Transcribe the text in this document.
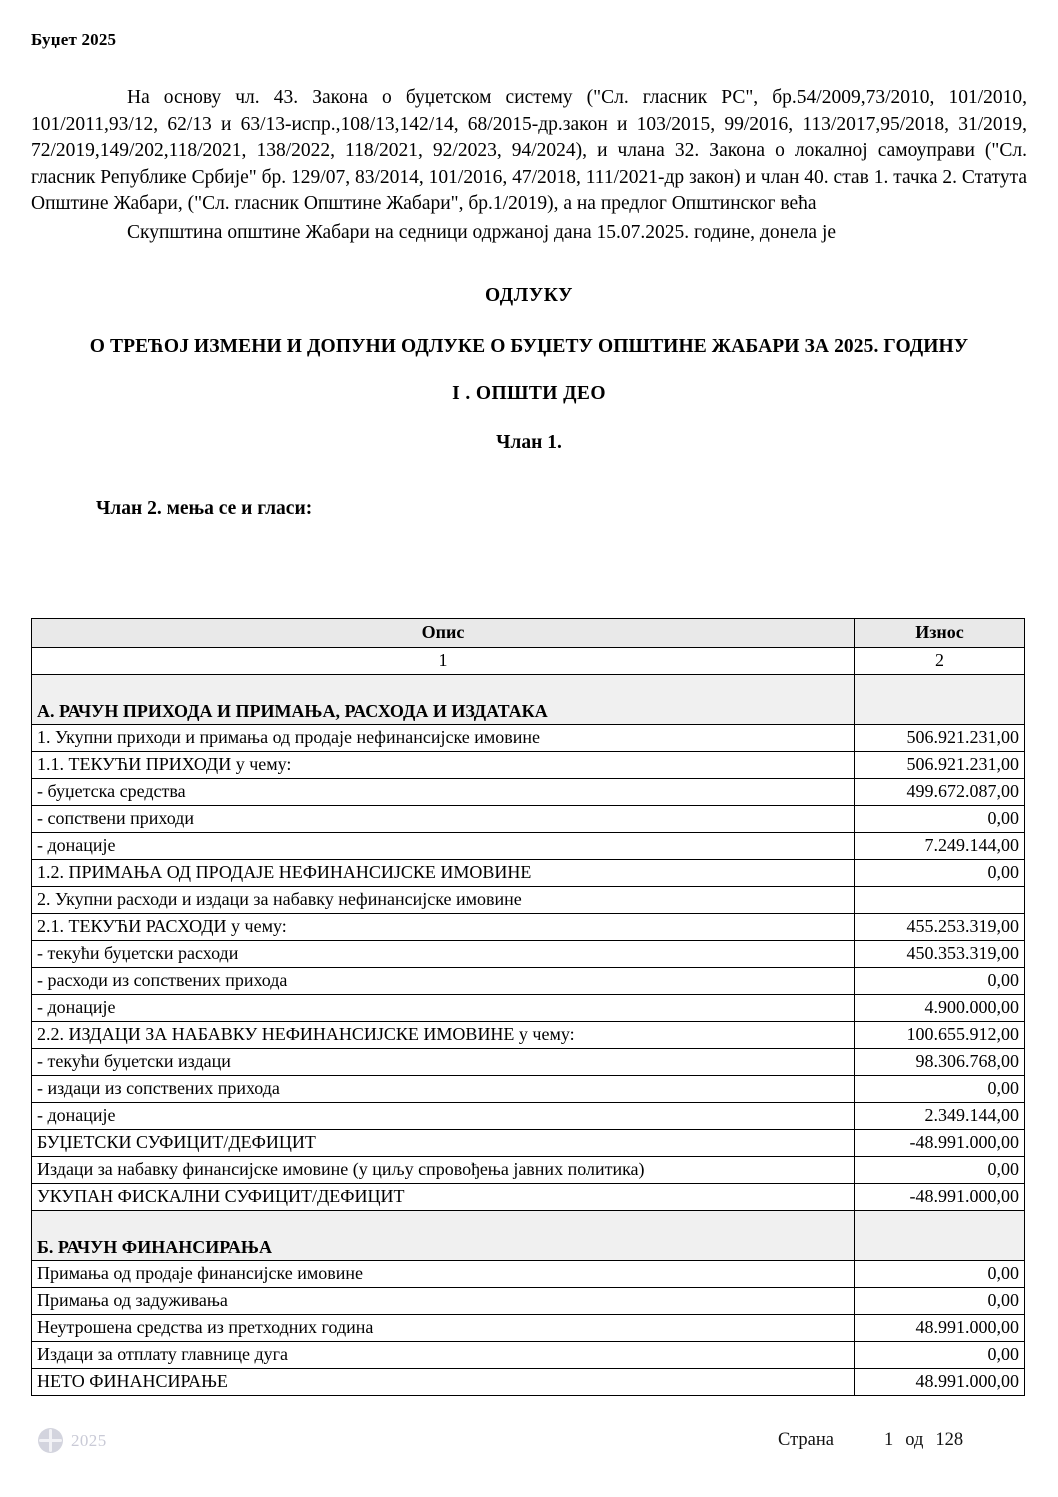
Буџет 2025

На основу чл. 43. Закона о буџетском систему ("Сл. гласник РС", бр.54/2009,73/2010, 101/2010, 101/2011,93/12, 62/13 и 63/13-испр.,108/13,142/14, 68/2015-др.закон и 103/2015, 99/2016, 113/2017,95/2018, 31/2019, 72/2019,149/202,118/2021, 138/2022, 118/2021, 92/2023, 94/2024), и члана 32. Закона о локалној самоуправи ("Сл. гласник Републике Србије" бр. 129/07, 83/2014, 101/2016, 47/2018, 111/2021-др закон) и члан 40. став 1. тачка 2. Статута Општине Жабари, ("Сл. гласник Општине Жабари", бр.1/2019), а на предлог Општинског већа

Скупштина општине Жабари на седници одржаној дана 15.07.2025. године, донела је

ОДЛУКУ
О ТРЕЋОЈ ИЗМЕНИ И ДОПУНИ ОДЛУКЕ О БУЏЕТУ ОПШТИНЕ ЖАБАРИ ЗА 2025. ГОДИНУ
I . ОПШТИ ДЕО
Члан 1.
Члан 2. мења се и гласи:
Опис	Износ
1	2
А. РАЧУН ПРИХОДА И ПРИМАЊА, РАСХОДА И ИЗДАТАКА	
1. Укупни приходи и примања од продаје нефинансијске имовине	506.921.231,00
1.1. ТЕКУЋИ ПРИХОДИ у чему:	506.921.231,00
- буџетска средства	499.672.087,00
- сопствени приходи	0,00
- донације	7.249.144,00
1.2. ПРИМАЊА ОД ПРОДАЈЕ НЕФИНАНСИЈСКЕ ИМОВИНЕ	0,00
2. Укупни расходи и издаци за набавку нефинансијске имовине	
2.1. ТЕКУЋИ РАСХОДИ у чему:	455.253.319,00
- текући буџетски расходи	450.353.319,00
- расходи из сопствених прихода	0,00
- донације	4.900.000,00
2.2. ИЗДАЦИ ЗА НАБАВКУ НЕФИНАНСИЈСКЕ ИМОВИНЕ у чему:	100.655.912,00
- текући буџетски издаци	98.306.768,00
- издаци из сопствених прихода	0,00
- донације	2.349.144,00
БУЏЕТСКИ СУФИЦИТ/ДЕФИЦИТ	-48.991.000,00
Издаци за набавку финансијске имовине (у циљу спровођења јавних политика)	0,00
УКУПАН ФИСКАЛНИ СУФИЦИТ/ДЕФИЦИТ	-48.991.000,00
Б. РАЧУН ФИНАНСИРАЊА	
Примања од продаје финансијске имовине	0,00
Примања од задуживања	0,00
Неутрошена средства из претходних година	48.991.000,00
Издаци за отплату главнице дуга	0,00
НЕТО ФИНАНСИРАЊЕ	48.991.000,00
2025	Страна	1 од 128
